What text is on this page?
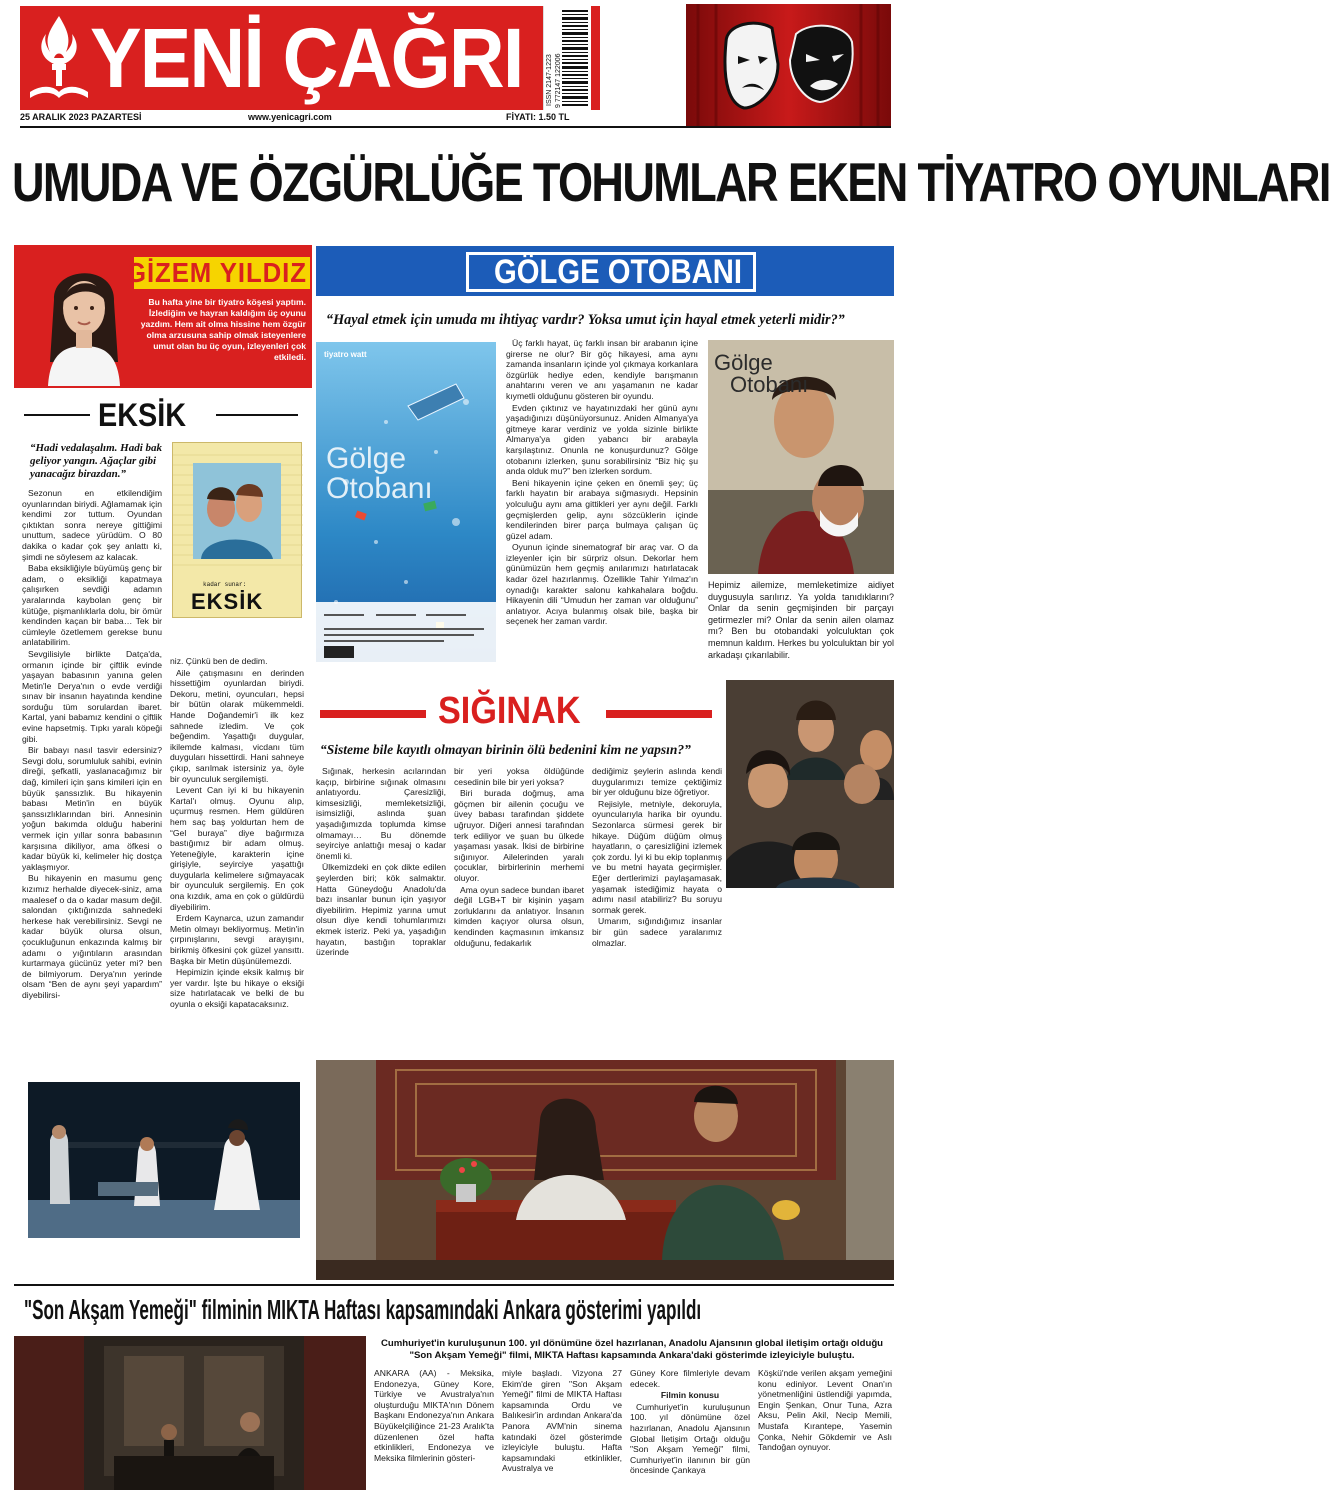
YENİ ÇAĞRI	ISSN 2147-1223 9 772147 122006
25 ARALIK 2023 PAZARTESİ	www.yenicagri.com	FİYATI: 1.50 TL
UMUDA VE ÖZGÜRLÜĞE TOHUMLAR EKEN TİYATRO OYUNLARI
GİZEM YILDIZ
Bu hafta yine bir tiyatro köşesi yaptım. İzlediğim ve hayran kaldığım üç oyunu yazdım. Hem ait olma hissine hem özgür olma arzusuna sahip olmak isteyenlere umut olan bu üç oyun, izleyenleri çok etkiledi.
GÖLGE OTOBANI
“Hayal etmek için umuda mı ihtiyaç vardır? Yoksa umut için hayal etmek yeterli midir?”
tiyatro watt
Gölge
Otobanı

Üç farklı hayat, üç farklı insan bir arabanın içine girerse ne olur? Bir göç hikayesi, ama aynı zamanda insanların içinde yol çıkmaya korkanlara özgürlük hediye eden, kendiyle barışmanın anahtarını veren ve anı yaşamanın ne kadar kıymetli olduğunu gösteren bir oyundu.

Evden çıktınız ve hayatınızdaki her günü aynı yaşadığınızı düşünüyorsunuz. Aniden Almanya'ya gitmeye karar verdiniz ve yolda sizinle birlikte Almanya'ya giden yabancı bir arabayla karşılaştınız. Onunla ne konuşurdunuz? Gölge otobanını izlerken, şunu sorabilirsiniz “Biz hiç şu anda olduk mu?” ben izlerken sordum.

Beni hikayenin içine çeken en önemli şey; üç farklı hayatın bir arabaya sığmasıydı. Hepsinin yolculuğu aynı ama gittikleri yer aynı değil. Farklı geçmişlerden gelip, aynı sözcüklerin içinde kendilerinden birer parça bulmaya çalışan üç güzel adam.

Oyunun içinde sinematograf bir araç var. O da izleyenler için bir sürpriz olsun. Dekorlar hem günümüzün hem geçmiş anılarımızı hatırlatacak kadar özel hazırlanmış. Özellikle Tahir Yılmaz'ın oynadığı karakter salonu kahkahalara boğdu. Hikayenin dili “Umudun her zaman var olduğunu” anlatıyor. Acıya bulanmış olsak bile, başka bir seçenek her zaman vardır.

Gölge
Otobanı
Hepimiz ailemize, memleketimize aidiyet duygusuyla sarılırız. Ya yolda tanıdıklarını? Onlar da senin geçmişinden bir parçayı getirmezler mi? Onlar da senin ailen olamaz mı? Ben bu otobandaki yolculuktan çok memnun kaldım. Herkes bu yolculuktan bir yol arkadaşı çıkarılabilir.
EKSİK
“Hadi vedalaşalım. Hadi bak geliyor yangın. Ağaçlar gibi yanacağız birazdan.”
kadar sunar:
EKSİK

Sezonun en etkilendiğim oyunlarından biriydi. Ağlamamak için kendimi zor tuttum. Oyundan çıktıktan sonra nereye gittiğimi unuttum, sadece yürüdüm. O 80 dakika o kadar çok şey anlattı ki, şimdi ne söylesem az kalacak.

Baba eksikliğiyle büyümüş genç bir adam, o eksikliği kapatmaya çalışırken sevdiği adamın yaralarında kaybolan genç bir kütüğe, pişmanlıklarla dolu, bir ömür kendinden kaçan bir baba… Tek bir cümleyle özetlemem gerekse bunu anlatabilirim.

Sevgilisiyle birlikte Datça'da, ormanın içinde bir çiftlik evinde yaşayan babasının yanına gelen Metin'le Derya'nın o evde verdiği sınav bir insanın hayatında kendine sorduğu tüm sorulardan ibaret. Kartal, yani babamız kendini o çiftlik evine hapsetmiş. Tıpkı yaralı köpeği gibi.

Bir babayı nasıl tasvir edersiniz? Sevgi dolu, sorumluluk sahibi, evinin direği, şefkatli, yaslanacağımız bir dağ, kimileri için şans kimileri için en büyük şanssızlık. Bu hikayenin babası Metin'in en büyük şanssızlıklarından biri. Annesinin yoğun bakımda olduğu haberini vermek için yıllar sonra babasının karşısına dikiliyor, ama öfkesi o kadar büyük ki, kelimeler hiç dostça yaklaşmıyor.

Bu hikayenin en masumu genç kızımız herhalde diyecek-siniz, ama maalesef o da o kadar masum değil. salondan çıktığınızda sahnedeki herkese hak verebilirsiniz. Sevgi ne kadar büyük olursa olsun, çocukluğunun enkazında kalmış bir adamı o yığıntıların arasından kurtarmaya gücünüz yeter mi? ben de bilmiyorum. Derya'nın yerinde olsam “Ben de aynı şeyi yapardım” diyebilirsi-

niz. Çünkü ben de dedim.

Aile çatışmasını en derinden hissettiğim oyunlardan biriydi. Dekoru, metini, oyuncuları, hepsi bir bütün olarak mükemmeldi. Hande Doğandemir'i ilk kez sahnede izledim. Ve çok beğendim. Yaşattığı duygular, ikilemde kalması, vicdanı tüm duyguları hissettirdi. Hani sahneye çıkıp, sarılmak istersiniz ya, öyle bir oyunculuk sergilemişti.

Levent Can iyi ki bu hikayenin Kartal'ı olmuş. Oyunu alıp, uçurmuş resmen. Hem güldüren hem saç baş yoldurtan hem de “Gel buraya” diye bağırmıza bastığımız bir adam olmuş. Yeteneğiyle, karakterin içine girişiyle, seyirciye yaşattığı duygularla kelimelere sığmayacak bir oyunculuk sergilemiş. En çok ona kızdık, ama en çok o güldürdü diyebilirim.

Erdem Kaynarca, uzun zamandır Metin olmayı bekliyormuş. Metin'in çırpınışlarını, sevgi arayışını, birikmiş öfkesini çok güzel yansıttı. Başka bir Metin düşünülemezdi.

Hepimizin içinde eksik kalmış bir yer vardır. İşte bu hikaye o eksiği size hatırlatacak ve belki de bu oyunla o eksiği kapatacaksınız.

SIĞINAK
“Sisteme bile kayıtlı olmayan birinin ölü bedenini kim ne yapsın?”

Sığınak, herkesin acılarından kaçıp, birbirine sığınak olmasını anlatıyordu. Çaresizliği, kimsesizliği, memleketsizliği, isimsizliği, aslında şuan yaşadığımızda toplumda kimse olmamayı… Bu dönemde seyirciye anlattığı mesaj o kadar önemli ki.

Ülkemizdeki en çok dikte edilen şeylerden biri; kök salmaktır. Hatta Güneydoğu Anadolu'da bazı insanlar bunun için yaşıyor diyebilirim. Hepimiz yarına umut olsun diye kendi tohumlarımızı ekmek isteriz. Peki ya, yaşadığın hayatın, bastığın topraklar üzerinde

bir yeri yoksa öldüğünde cesedinin bile bir yeri yoksa?

Biri burada doğmuş, ama göçmen bir ailenin çocuğu ve üvey babası tarafından şiddete uğruyor. Diğeri annesi tarafından terk ediliyor ve şuan bu ülkede yaşaması yasak. İkisi de birbirine sığınıyor. Ailelerinden yaralı çocuklar, birbirlerinin merhemi oluyor.

Ama oyun sadece bundan ibaret değil LGB+T bir kişinin yaşam zorluklarını da anlatıyor. İnsanın kimden kaçıyor olursa olsun, kendinden kaçmasının imkansız olduğunu, fedakarlık

dediğimiz şeylerin aslında kendi duygularımızı temize çektiğimiz bir yer olduğunu bize öğretiyor.

Rejisiyle, metniyle, dekoruyla, oyuncularıyla harika bir oyundu. Sezonlarca sürmesi gerek bir hikaye. Düğüm düğüm olmuş hayatların, o çaresizliğini izlemek çok zordu. İyi ki bu ekip toplanmış ve bu metni hayata geçirmişler. Eğer dertlerimizi paylaşamasak, yaşamak istediğimiz hayata o adımı nasıl atabiliriz? Bu soruyu sormak gerek.

Umarım, sığındığımız insanlar bir gün sadece yaralarımız olmazlar.

"Son Akşam Yemeği" filminin MIKTA Haftası kapsamındaki Ankara gösterimi yapıldı
Cumhuriyet'in kuruluşunun 100. yıl dönümüne özel hazırlanan, Anadolu Ajansının global iletişim ortağı olduğu "Son Akşam Yemeği" filmi, MIKTA Haftası kapsamında Ankara'daki gösterimde izleyiciyle buluştu.
ANKARA (AA) - Meksika, Endonezya, Güney Kore, Türkiye ve Avustralya'nın oluşturduğu MIKTA'nın Dönem Başkanı Endonezya'nın Ankara Büyükelçiliğince 21-23 Aralık'ta düzenlenen özel hafta etkinlikleri, Endonezya ve Meksika filmlerinin gösteri-
miyle başladı. Vizyona 27 Ekim'de giren "Son Akşam Yemeği" filmi de MIKTA Haftası kapsamında Ordu ve Balıkesir'in ardından Ankara'da Panora AVM'nin sinema katındaki özel gösterimde izleyiciyle buluştu. Hafta kapsamındaki etkinlikler, Avustralya ve

Güney Kore filmleriyle devam edecek.

Filmin konusu

Cumhuriyet'in kuruluşunun 100. yıl dönümüne özel hazırlanan, Anadolu Ajansının Global İletişim Ortağı olduğu "Son Akşam Yemeği" filmi, Cumhuriyet'in ilanının bir gün öncesinde Çankaya

Köşkü'nde verilen akşam yemeğini konu ediniyor. Levent Onan'ın yönetmenliğini üstlendiği yapımda, Engin Şenkan, Onur Tuna, Azra Aksu, Pelin Akil, Necip Memili, Mustafa Kırantepe, Yasemin Çonka, Nehir Gökdemir ve Aslı Tandoğan oynuyor.
